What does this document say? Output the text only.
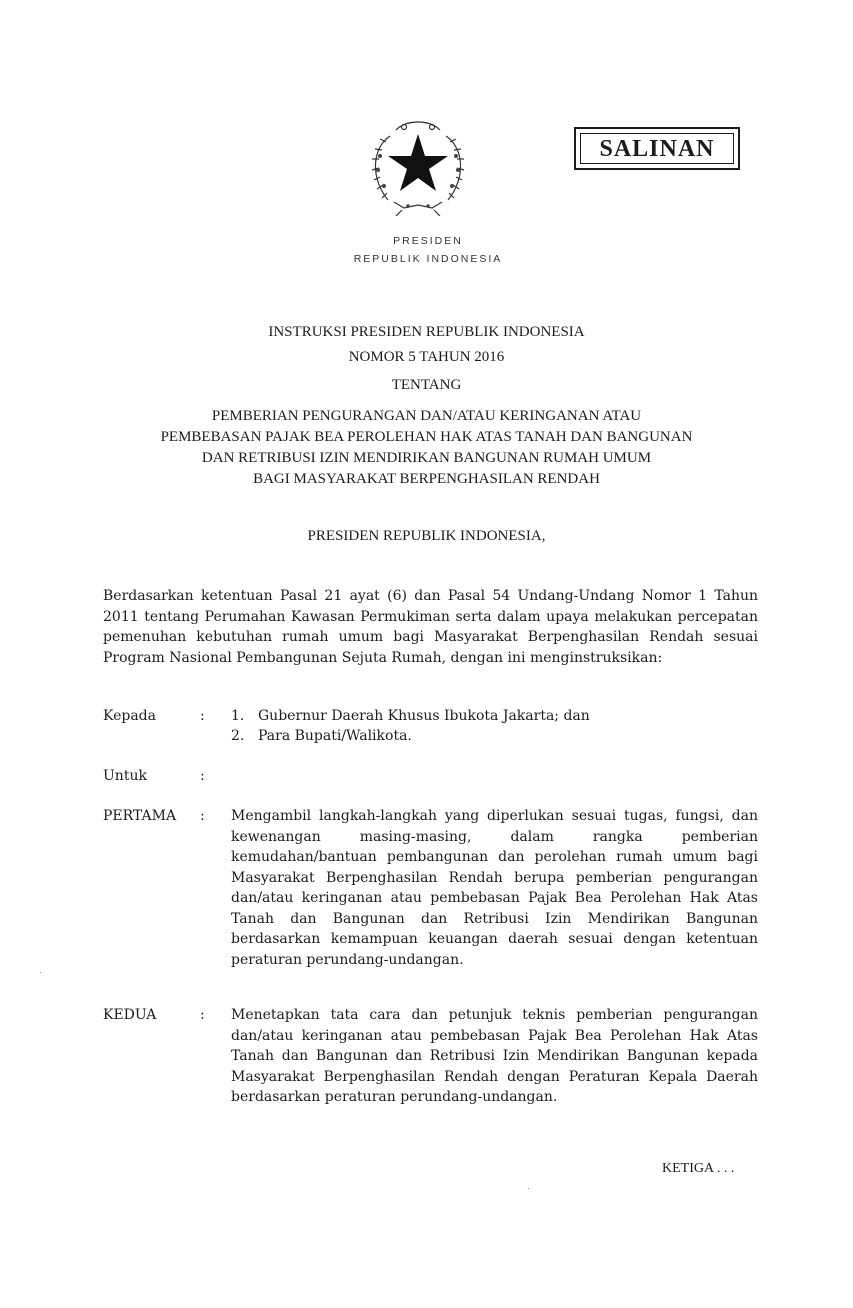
SALINAN
PRESIDEN
REPUBLIK INDONESIA
INSTRUKSI PRESIDEN REPUBLIK INDONESIA
NOMOR 5 TAHUN 2016
TENTANG
PEMBERIAN PENGURANGAN DAN/ATAU KERINGANAN ATAU
PEMBEBASAN PAJAK BEA PEROLEHAN HAK ATAS TANAH DAN BANGUNAN
DAN RETRIBUSI IZIN MENDIRIKAN BANGUNAN RUMAH UMUM
BAGI MASYARAKAT BERPENGHASILAN RENDAH
PRESIDEN REPUBLIK INDONESIA,
Berdasarkan ketentuan Pasal 21 ayat (6) dan Pasal 54 Undang-Undang Nomor 1 Tahun 2011 tentang Perumahan Kawasan Permukiman serta dalam upaya melakukan percepatan pemenuhan kebutuhan rumah umum bagi Masyarakat Berpenghasilan Rendah sesuai Program Nasional Pembangunan Sejuta Rumah, dengan ini menginstruksikan:
Kepada	: 1. Gubernur Daerah Khusus Ibukota Jakarta; dan
2. Para Bupati/Walikota.
Untuk	:
PERTAMA : Mengambil langkah-langkah yang diperlukan sesuai tugas, fungsi, dan kewenangan masing-masing, dalam rangka pemberian kemudahan/bantuan pembangunan dan perolehan rumah umum bagi Masyarakat Berpenghasilan Rendah berupa pemberian pengurangan dan/atau keringanan atau pembebasan Pajak Bea Perolehan Hak Atas Tanah dan Bangunan dan Retribusi Izin Mendirikan Bangunan berdasarkan kemampuan keuangan daerah sesuai dengan ketentuan peraturan perundang-undangan.
KEDUA	: Menetapkan tata cara dan petunjuk teknis pemberian pengurangan dan/atau keringanan atau pembebasan Pajak Bea Perolehan Hak Atas Tanah dan Bangunan dan Retribusi Izin Mendirikan Bangunan kepada Masyarakat Berpenghasilan Rendah dengan Peraturan Kepala Daerah berdasarkan peraturan perundang-undangan.
KETIGA . . .
